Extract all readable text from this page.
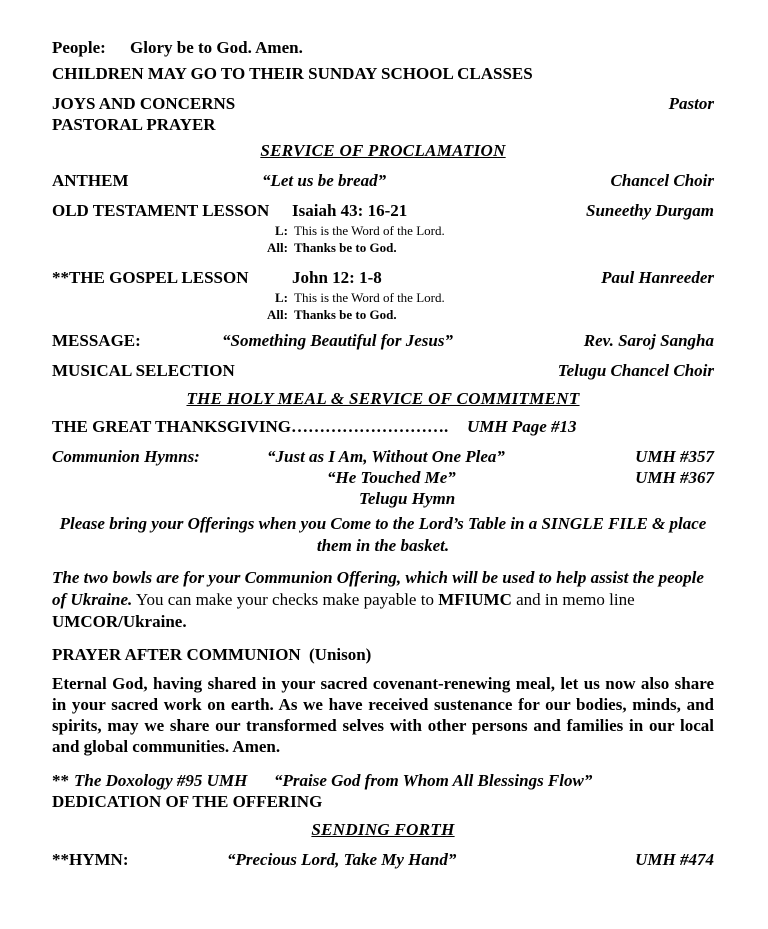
People: Glory be to God. Amen.
CHILDREN MAY GO TO THEIR SUNDAY SCHOOL CLASSES
JOYS AND CONCERNS	Pastor
PASTORAL PRAYER
SERVICE OF PROCLAMATION
ANTHEM	“Let us be bread”	Chancel Choir
OLD TESTAMENT LESSON Isaiah 43: 16-21	Suneethy Durgam
L: This is the Word of the Lord.
All: Thanks be to God.
**THE GOSPEL LESSON	John 12: 1-8	Paul Hanreeder
L: This is the Word of the Lord.
All: Thanks be to God.
MESSAGE:	“Something Beautiful for Jesus”	Rev. Saroj Sangha
MUSICAL SELECTION	Telugu Chancel Choir
THE HOLY MEAL & SERVICE OF COMMITMENT
THE GREAT THANKSGIVING………………………. UMH Page #13
Communion Hymns:	“Just as I Am, Without One Plea”	UMH #357
“He Touched Me”	UMH #367
Telugu Hymn
Please bring your Offerings when you Come to the Lord’s Table in a SINGLE FILE & place them in the basket.
The two bowls are for your Communion Offering, which will be used to help assist the people of Ukraine. You can make your checks make payable to MFIUMC and in memo line UMCOR/Ukraine.
PRAYER AFTER COMMUNION (Unison)
Eternal God, having shared in your sacred covenant-renewing meal, let us now also share in your sacred work on earth. As we have received sustenance for our bodies, minds, and spirits, may we share our transformed selves with other persons and families in our local and global communities. Amen.
** The Doxology #95 UMH “Praise God from Whom All Blessings Flow”
DEDICATION OF THE OFFERING
SENDING FORTH
**HYMN:	“Precious Lord, Take My Hand”	UMH #474
